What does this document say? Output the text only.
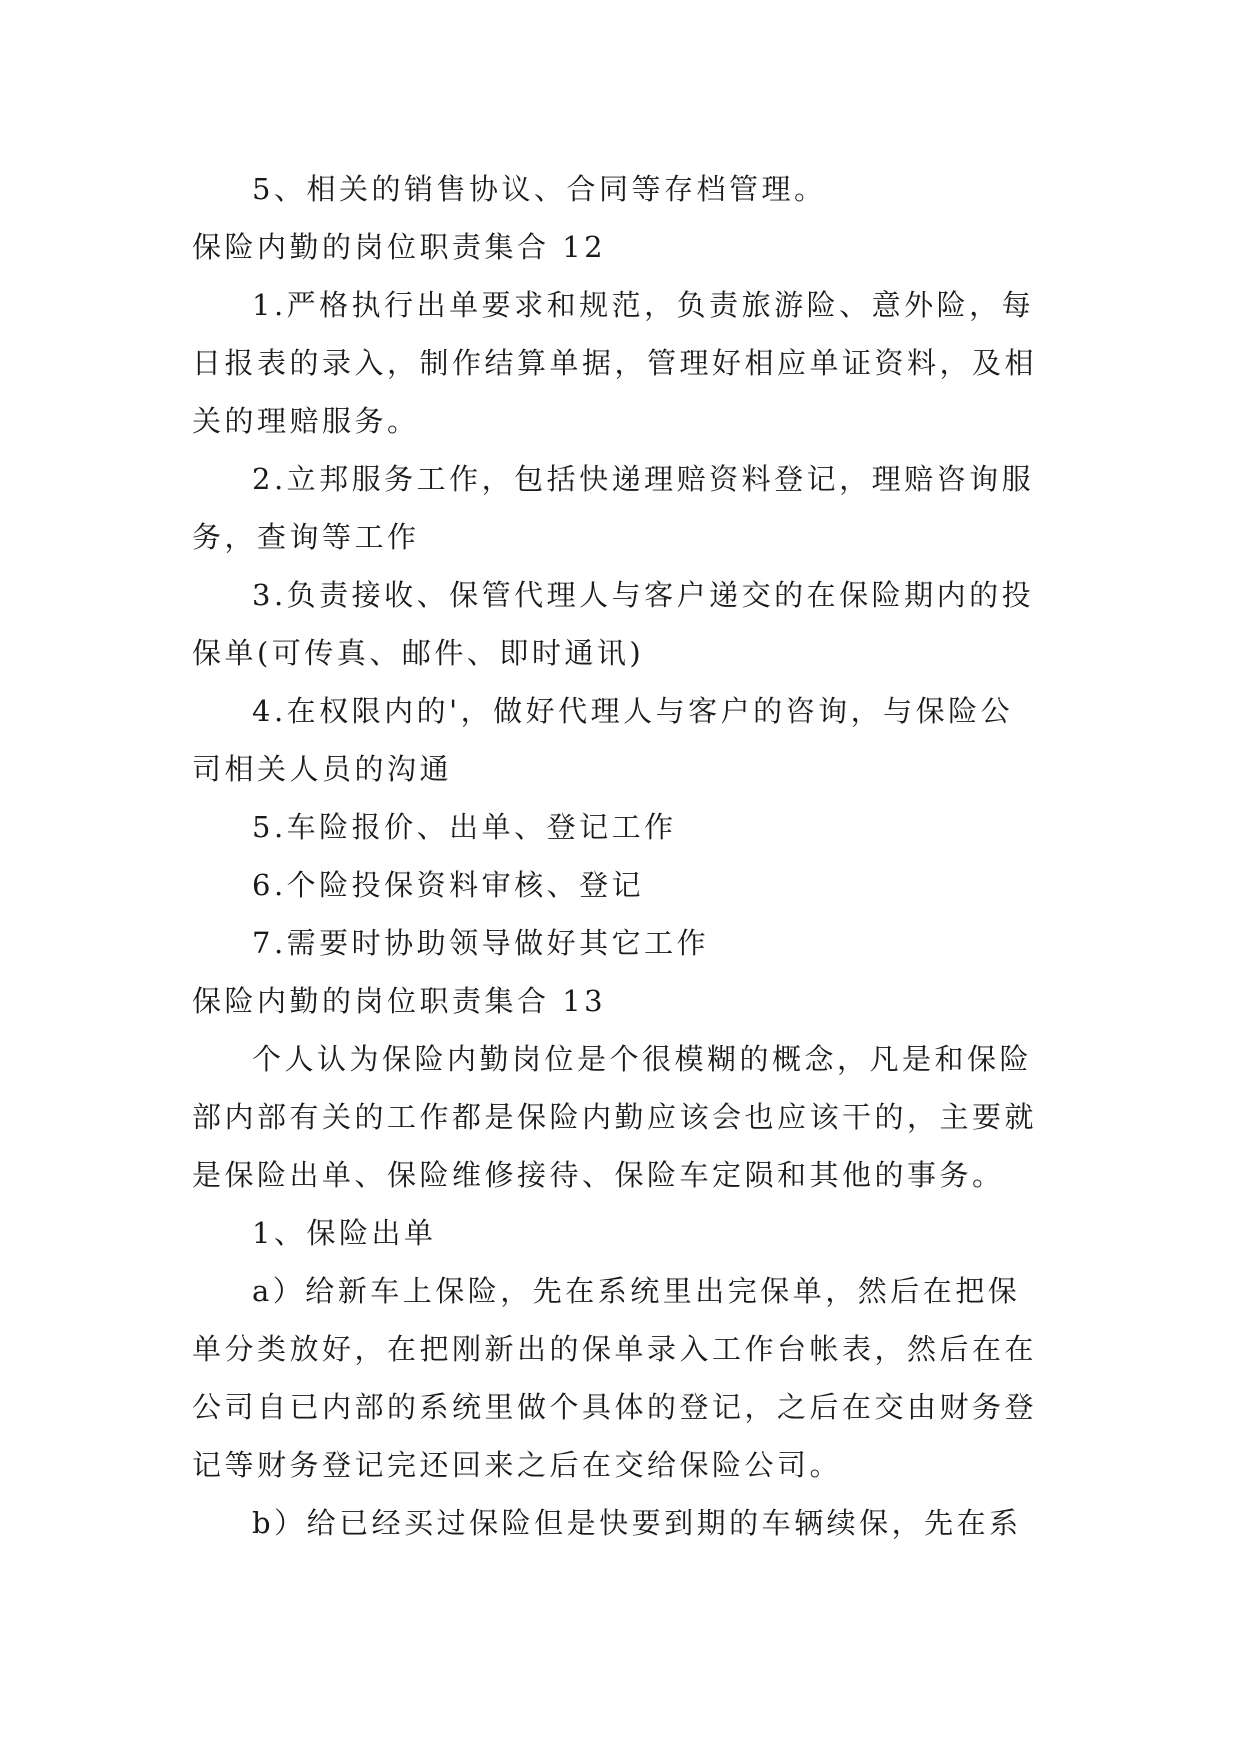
5、相关的销售协议、合同等存档管理。
保险内勤的岗位职责集合 12
1.严格执行出单要求和规范，负责旅游险、意外险，每
日报表的录入，制作结算单据，管理好相应单证资料，及相
关的理赔服务。
2.立邦服务工作，包括快递理赔资料登记，理赔咨询服
务，查询等工作
3.负责接收、保管代理人与客户递交的在保险期内的投
保单(可传真、邮件、即时通讯)
4.在权限内的'，做好代理人与客户的咨询，与保险公
司相关人员的沟通
5.车险报价、出单、登记工作
6.个险投保资料审核、登记
7.需要时协助领导做好其它工作
保险内勤的岗位职责集合 13
个人认为保险内勤岗位是个很模糊的概念，凡是和保险
部内部有关的工作都是保险内勤应该会也应该干的，主要就
是保险出单、保险维修接待、保险车定陨和其他的事务。
1、保险出单
a）给新车上保险，先在系统里出完保单，然后在把保
单分类放好，在把刚新出的保单录入工作台帐表，然后在在
公司自已内部的系统里做个具体的登记，之后在交由财务登
记等财务登记完还回来之后在交给保险公司。
b）给已经买过保险但是快要到期的车辆续保，先在系
